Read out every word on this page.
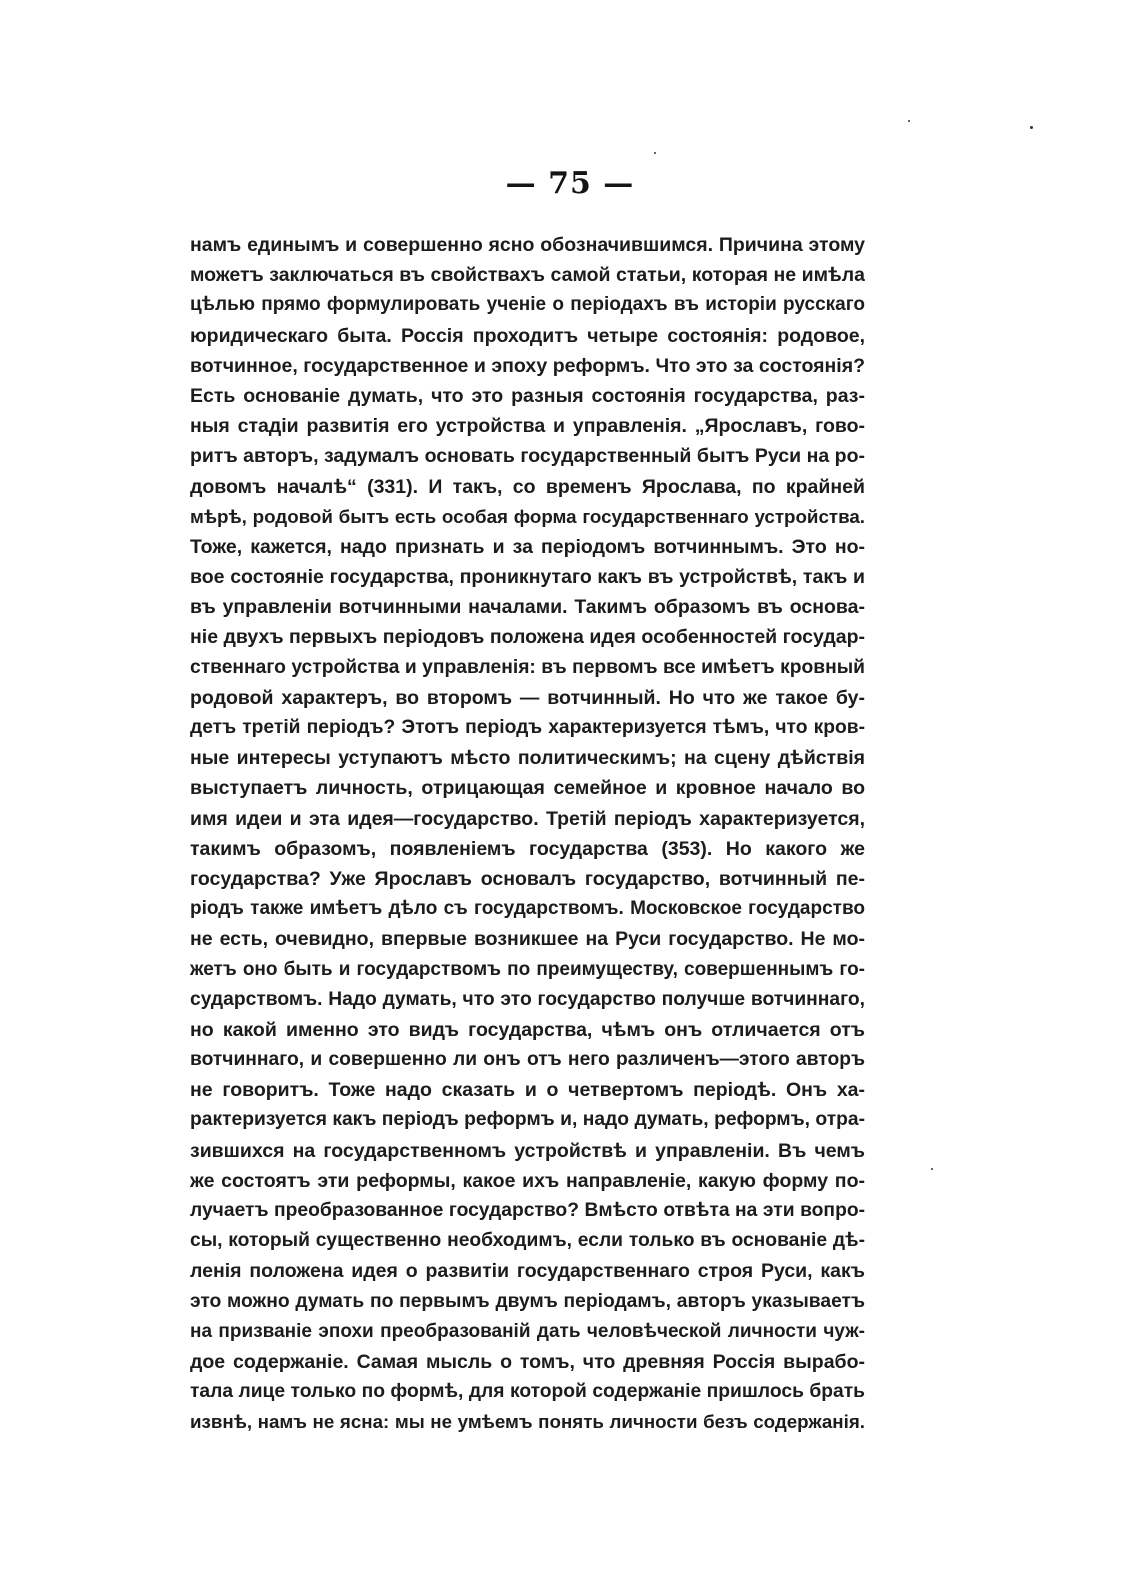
— 75 —
намъ единымъ и совершенно ясно обозначившимся. Причина этому
можетъ заключаться въ свойствахъ самой статьи, которая не имѣла
цѣлью прямо формулировать ученіе о періодахъ въ исторіи русскаго
юридическаго быта. Россія проходитъ четыре состоянія: родовое,
вотчинное, государственное и эпоху реформъ. Что это за состоянія?
Есть основаніе думать, что это разныя состоянія государства, раз-
ныя стадіи развитія его устройства и управленія. „Ярославъ, гово-
ритъ авторъ, задумалъ основать государственный бытъ Руси на ро-
довомъ началѣ“ (331). И такъ, со временъ Ярослава, по крайней
мѣрѣ, родовой бытъ есть особая форма государственнаго устройства.
Тоже, кажется, надо признать и за періодомъ вотчиннымъ. Это но-
вое состояніе государства, проникнутаго какъ въ устройствѣ, такъ и
въ управленіи вотчинными началами. Такимъ образомъ въ основа-
ніе двухъ первыхъ періодовъ положена идея особенностей государ-
ственнаго устройства и управленія: въ первомъ все имѣетъ кровный
родовой характеръ, во второмъ — вотчинный. Но что же такое бу-
детъ третій періодъ? Этотъ періодъ характеризуется тѣмъ, что кров-
ные интересы уступаютъ мѣсто политическимъ; на сцену дѣйствія
выступаетъ личность, отрицающая семейное и кровное начало во
имя идеи и эта идея—государство. Третій періодъ характеризуется,
такимъ образомъ, появленіемъ государства (353). Но какого же
государства? Уже Ярославъ основалъ государство, вотчинный пе-
ріодъ также имѣетъ дѣло съ государствомъ. Московское государство
не есть, очевидно, впервые возникшее на Руси государство. Не мо-
жетъ оно быть и государствомъ по преимуществу, совершеннымъ го-
сударствомъ. Надо думать, что это государство получше вотчиннаго,
но какой именно это видъ государства, чѣмъ онъ отличается отъ
вотчиннаго, и совершенно ли онъ отъ него различенъ—этого авторъ
не говоритъ. Тоже надо сказать и о четвертомъ періодѣ. Онъ ха-
рактеризуется какъ періодъ реформъ и, надо думать, реформъ, отра-
зившихся на государственномъ устройствѣ и управленіи. Въ чемъ
же состоятъ эти реформы, какое ихъ направленіе, какую форму по-
лучаетъ преобразованное государство? Вмѣсто отвѣта на эти вопро-
сы, который существенно необходимъ, если только въ основаніе дѣ-
ленія положена идея о развитіи государственнаго строя Руси, какъ
это можно думать по первымъ двумъ періодамъ, авторъ указываетъ
на призваніе эпохи преобразованій дать человѣческой личности чуж-
дое содержаніе. Самая мысль о томъ, что древняя Россія вырабо-
тала лице только по формѣ, для которой содержаніе пришлось брать
извнѣ, намъ не ясна: мы не умѣемъ понять личности безъ содержанія.
